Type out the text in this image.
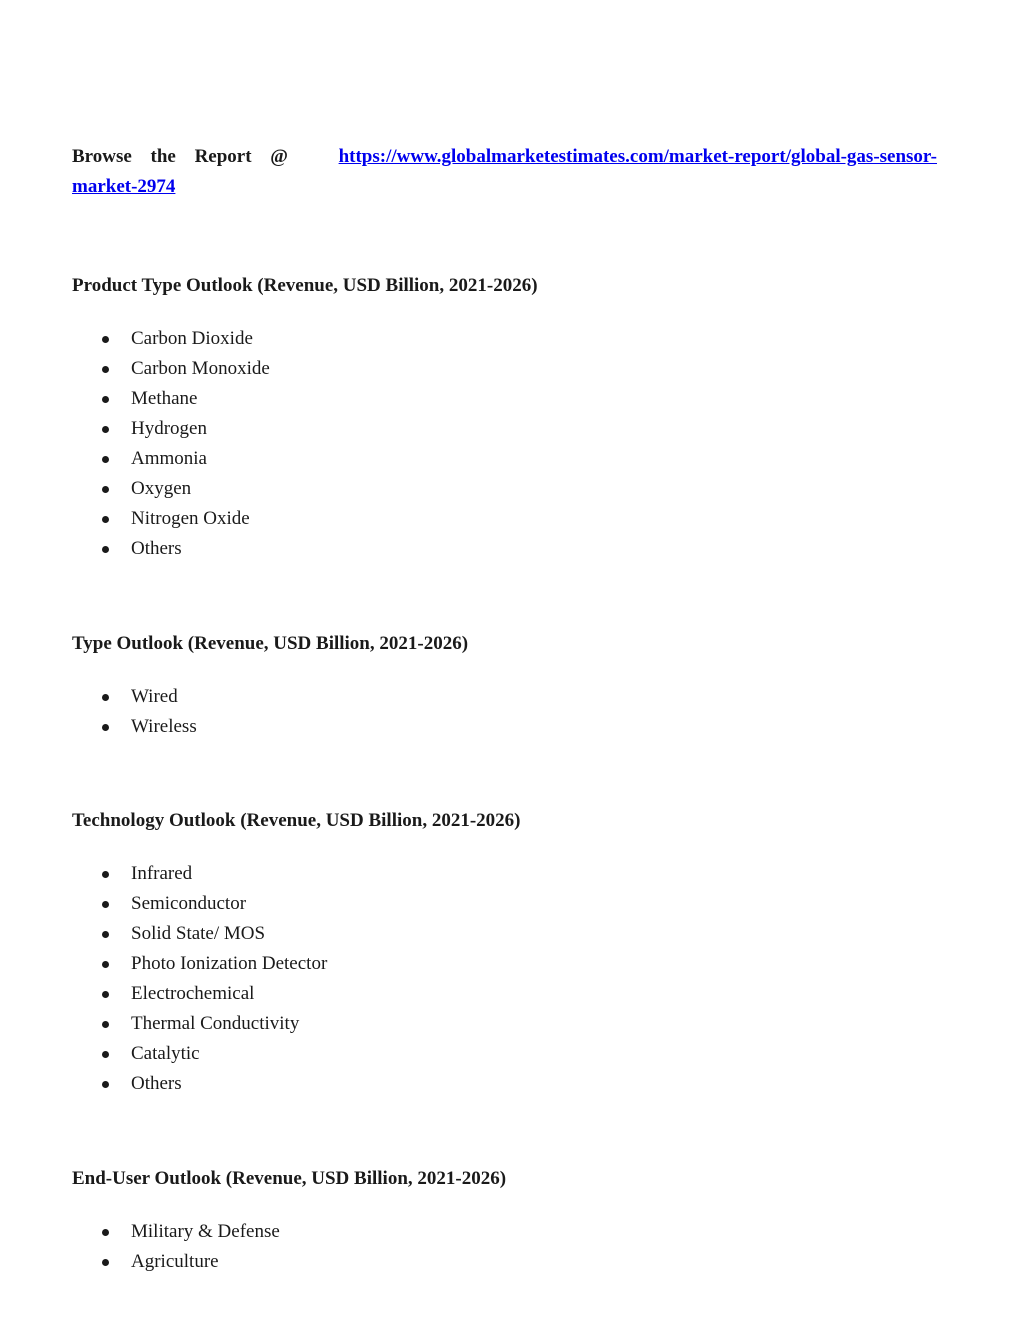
Browse the Report @	https://www.globalmarketestimates.com/market-report/global-gas-sensor-
market-2974
Product Type Outlook (Revenue, USD Billion, 2021-2026)
Carbon Dioxide
Carbon Monoxide
Methane
Hydrogen
Ammonia
Oxygen
Nitrogen Oxide
Others
Type Outlook (Revenue, USD Billion, 2021-2026)
Wired
Wireless
Technology Outlook (Revenue, USD Billion, 2021-2026)
Infrared
Semiconductor
Solid State/ MOS
Photo Ionization Detector
Electrochemical
Thermal Conductivity
Catalytic
Others
End-User Outlook (Revenue, USD Billion, 2021-2026)
Military & Defense
Agriculture
